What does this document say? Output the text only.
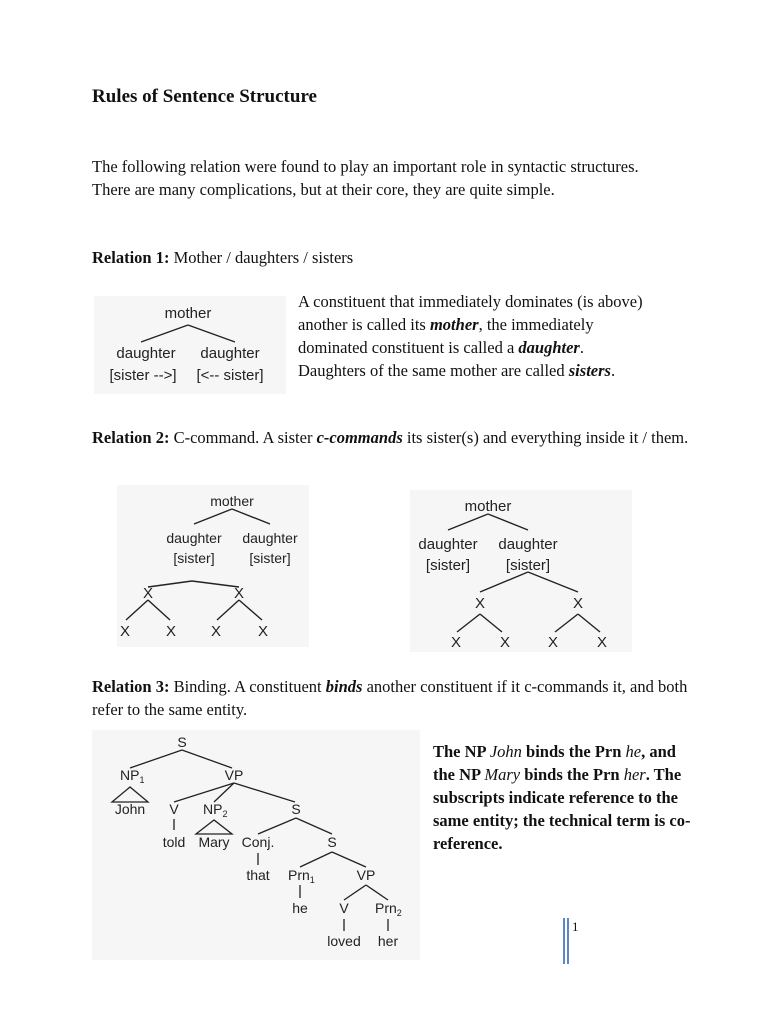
Rules of Sentence Structure

The following relation were found to play an important role in syntactic structures. There are many complications, but at their core, they are quite simple.

Relation 1: Mother / daughters / sisters

mother
daughter daughter
[sister -->] [<-- sister]

A constituent that immediately dominates (is above)
another is called its mother, the immediately
dominated constituent is called a daughter.
Daughters of the same mother are called sisters.

Relation 2: C-command. A sister c-commands its sister(s) and everything inside it / them.

mother
daughter daughter
[sister] [sister]
X	X
X X X X
mother
daughter daughter
[sister] [sister]
X	X
X	X	X	X

Relation 3: Binding. A constituent binds another constituent if it c-commands it, and both refer to the same entity.

S
$NP_1$	VP
John V $NP_2$	S
told Mary Conj.	S
that Prn$_1$	VP
he V Prn$_2$
loved her

The NP John binds the Prn he, and the NP Mary binds the Prn her. The subscripts indicate reference to the same entity; the technical term is co-reference.

1
